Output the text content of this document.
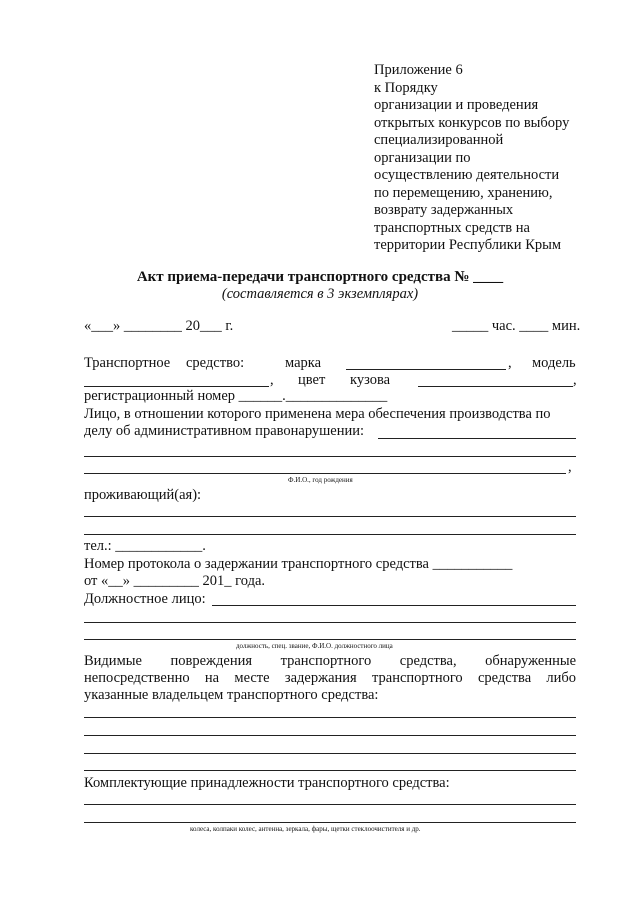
Приложение 6
к Порядку
организации и проведения
открытых конкурсов по выбору
специализированной
организации по
осуществлению деятельности
по перемещению, хранению,
возврату задержанных
транспортных средств на
территории Республики Крым
Акт приема-передачи транспортного средства № ____
(составляется в 3 экземплярах)
«___» ________ 20___ г.	_____ час. ____ мин.
Транспортное средство:	марка	, модель
, цвет кузова	,
регистрационный номер ______.______________
Лицо, в отношении которого применена мера обеспечения производства по
делу об административном правонарушении:
,
Ф.И.О., год рождения
проживающий(ая):
тел.: ____________.
Номер протокола о задержании транспортного средства ___________
от «__» _________ 201_ года.
Должностное лицо:
должность, спец. звание, Ф.И.О. должностного лица
Видимые повреждения транспортного средства, обнаруженные
непосредственно на месте задержания транспортного средства либо
указанные владельцем транспортного средства:
Комплектующие принадлежности транспортного средства:
колеса, колпаки колес, антенна, зеркала, фары, щетки стеклоочистителя и др.
